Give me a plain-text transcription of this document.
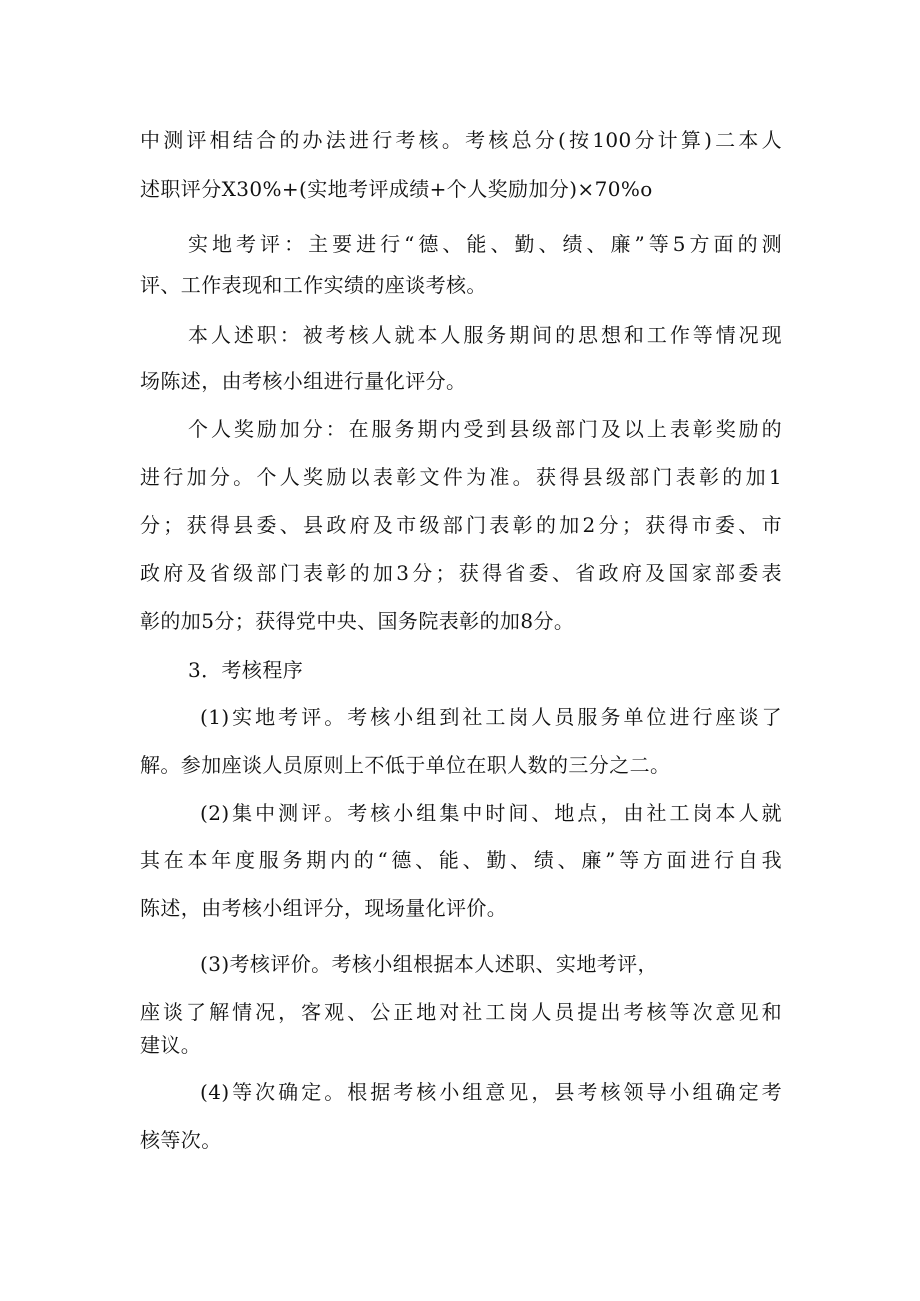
中测评相结合的办法进行考核。考核总分(按100分计算)二本人
述职评分X30%+(实地考评成绩+个人奖励加分)×70%o
实地考评：主要进行“德、能、勤、绩、廉”等5方面的测
评、工作表现和工作实绩的座谈考核。
本人述职：被考核人就本人服务期间的思想和工作等情况现
场陈述，由考核小组进行量化评分。
个人奖励加分：在服务期内受到县级部门及以上表彰奖励的
进行加分。个人奖励以表彰文件为准。获得县级部门表彰的加1
分；获得县委、县政府及市级部门表彰的加2分；获得市委、市
政府及省级部门表彰的加3分；获得省委、省政府及国家部委表
彰的加5分；获得党中央、国务院表彰的加8分。
3．考核程序
(1)实地考评。考核小组到社工岗人员服务单位进行座谈了
解。参加座谈人员原则上不低于单位在职人数的三分之二。
(2)集中测评。考核小组集中时间、地点，由社工岗本人就
其在本年度服务期内的“德、能、勤、绩、廉”等方面进行自我
陈述，由考核小组评分，现场量化评价。
(3)考核评价。考核小组根据本人述职、实地考评，
座谈了解情况，客观、公正地对社工岗人员提出考核等次意见和
建议。
(4)等次确定。根据考核小组意见，县考核领导小组确定考
核等次。
